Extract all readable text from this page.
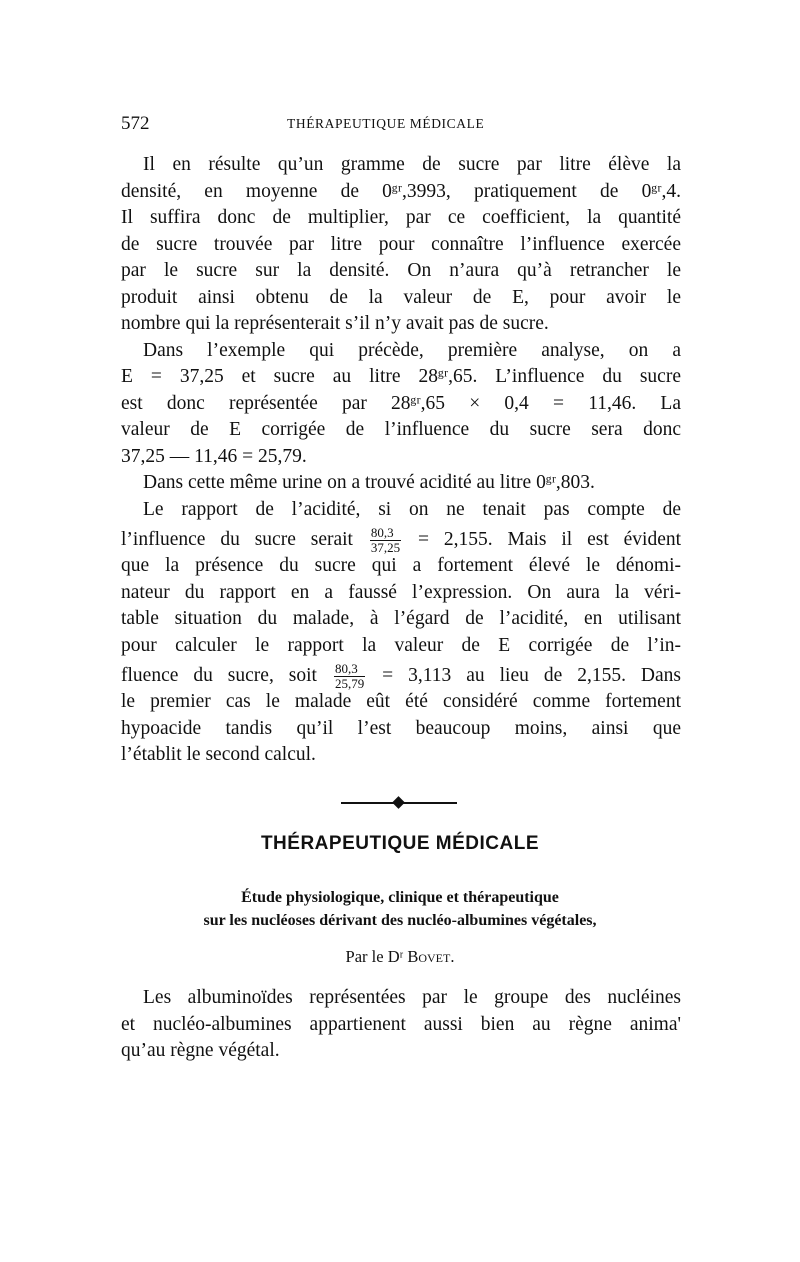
572	THÉRAPEUTIQUE MÉDICALE
Il en résulte qu’un gramme de sucre par litre élève la
densité, en moyenne de 0ᵍʳ,3993, pratiquement de 0ᵍʳ,4.
Il suffira donc de multiplier, par ce coefficient, la quantité
de sucre trouvée par litre pour connaître l’influence exercée
par le sucre sur la densité. On n’aura qu’à retrancher le
produit ainsi obtenu de la valeur de E, pour avoir le
nombre qui la représenterait s’il n’y avait pas de sucre.
Dans l’exemple qui précède, première analyse, on a
E = 37,25 et sucre au litre 28ᵍʳ,65. L’influence du sucre
est donc représentée par 28ᵍʳ,65 × 0,4 = 11,46. La
valeur de E corrigée de l’influence du sucre sera donc
37,25 — 11,46 = 25,79.
Dans cette même urine on a trouvé acidité au litre 0ᵍʳ,803.
Le rapport de l’acidité, si on ne tenait pas compte de
l’influence du sucre serait $\frac{80,3}{37,25} = 2,155$. Mais il est évident
que la présence du sucre qui a fortement élevé le dénomi-
nateur du rapport en a faussé l’expression. On aura la véri-
table situation du malade, à l’égard de l’acidité, en utilisant
pour calculer le rapport la valeur de E corrigée de l’in-
fluence du sucre, soit $\frac{80,3}{25,79} = 3,113$ au lieu de 2,155. Dans
le premier cas le malade eût été considéré comme fortement
hypoacide tandis qu’il l’est beaucoup moins, ainsi que
l’établit le second calcul.
THÉRAPEUTIQUE MÉDICALE
Étude physiologique, clinique et thérapeutique
sur les nucléoses dérivant des nucléo-albumines végétales,
Par le Dʳ Bovet.
Les albuminoïdes représentées par le groupe des nucléines
et nucléo-albumines appartienent aussi bien au règne anima'
qu’au règne végétal.
